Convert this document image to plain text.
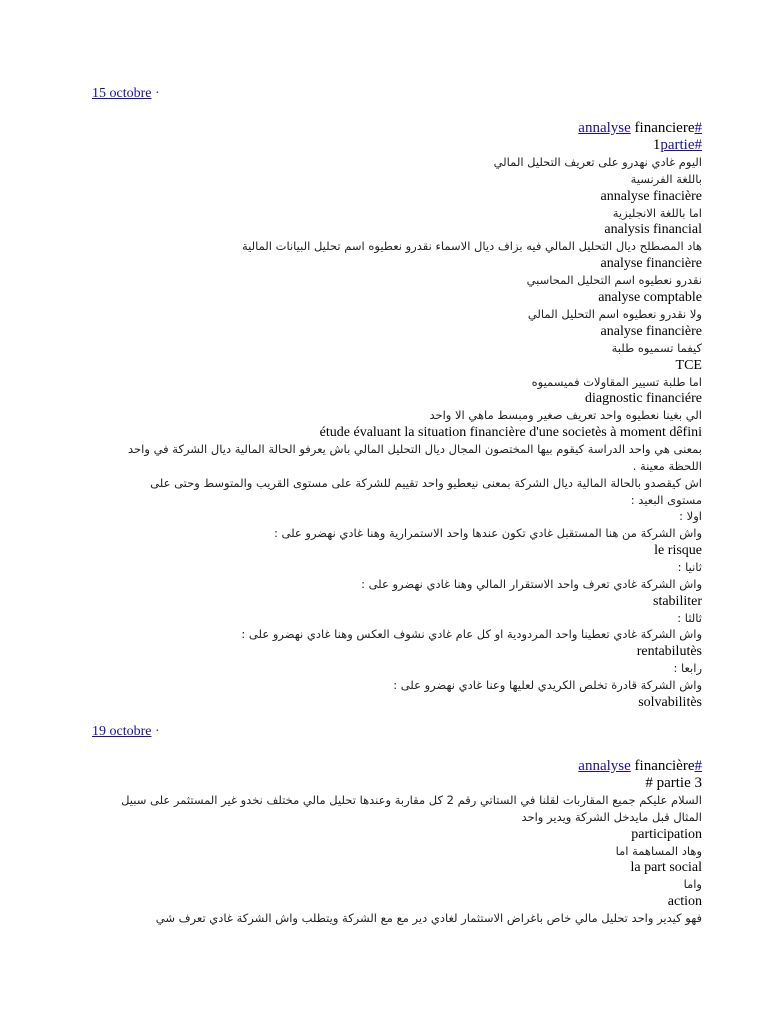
15 octobre ·
#annalyse financiere
#partie 1
اليوم غادي نهدرو على تعريف التحليل المالي
باللغة الفرنسية
annalyse finacière
اما باللغة الانجليزية
analysis financial
هاد المصطلح ديال التحليل المالي فيه بزاف ديال الاسماء نقدرو نعطيوه اسم تحليل البيانات المالية
analyse financière
نقدرو نعطيوه اسم التحليل المحاسبي
analyse comptable
ولا نقدرو نعطيوه اسم التحليل المالي
analyse financière
كيفما تسميوه طلبة
TCE
اما طلبة تسيير المقاولات فميسميوه
diagnostic financiére
الي بغينا نعطيوه واحد تعريف صغير ومبسط ماهي الا واحد
étude évaluant la situation financière d'une societès à moment dêfini
بمعنى هي واحد الدراسة كيقوم بيها المختصون المجال ديال التحليل المالي باش يعرفو الحالة المالية ديال الشركة في واحد اللحظة معينة .
اش كيقصدو بالحالة المالية ديال الشركة بمعنى نيعطيو واحد تقييم للشركة على مستوى القريب والمتوسط وحتى على
مستوى البعيد :
اولا :
واش الشركة من هنا المستقبل غادي تكون عندها واحد الاستمرارية وهنا غادي نهضرو على :
le risque
ثانيا :
واش الشركة غادي تعرف واحد الاستقرار المالي وهنا غادي نهضرو على :
stabiliter
ثالثا :
واش الشركة غادي تعطينا واحد المردودية او كل عام غادي نشوف العكس وهنا غادي نهضرو على :
rentabilutès
رابعا :
واش الشركة قادرة تخلص الكريدي لعليها وعنا غادي نهضرو على :
solvabilitès
19 octobre ·
#annalyse financière
# partie 3
السلام عليكم جميع المقاربات لقلنا في الستاتي رقم 2 كل مقاربة وعندها تحليل مالي مختلف نخدو غير المستثمر على سبيل المثال قبل مايدخل الشركة ويدير واحد
participation
وهاد المساهمة اما
la part social
واما
action
فهو كيدير واحد تحليل مالي خاص باغراض الاستثمار لغادي دير مع مع الشركة ويتطلب واش الشركة غادي تعرف شي
